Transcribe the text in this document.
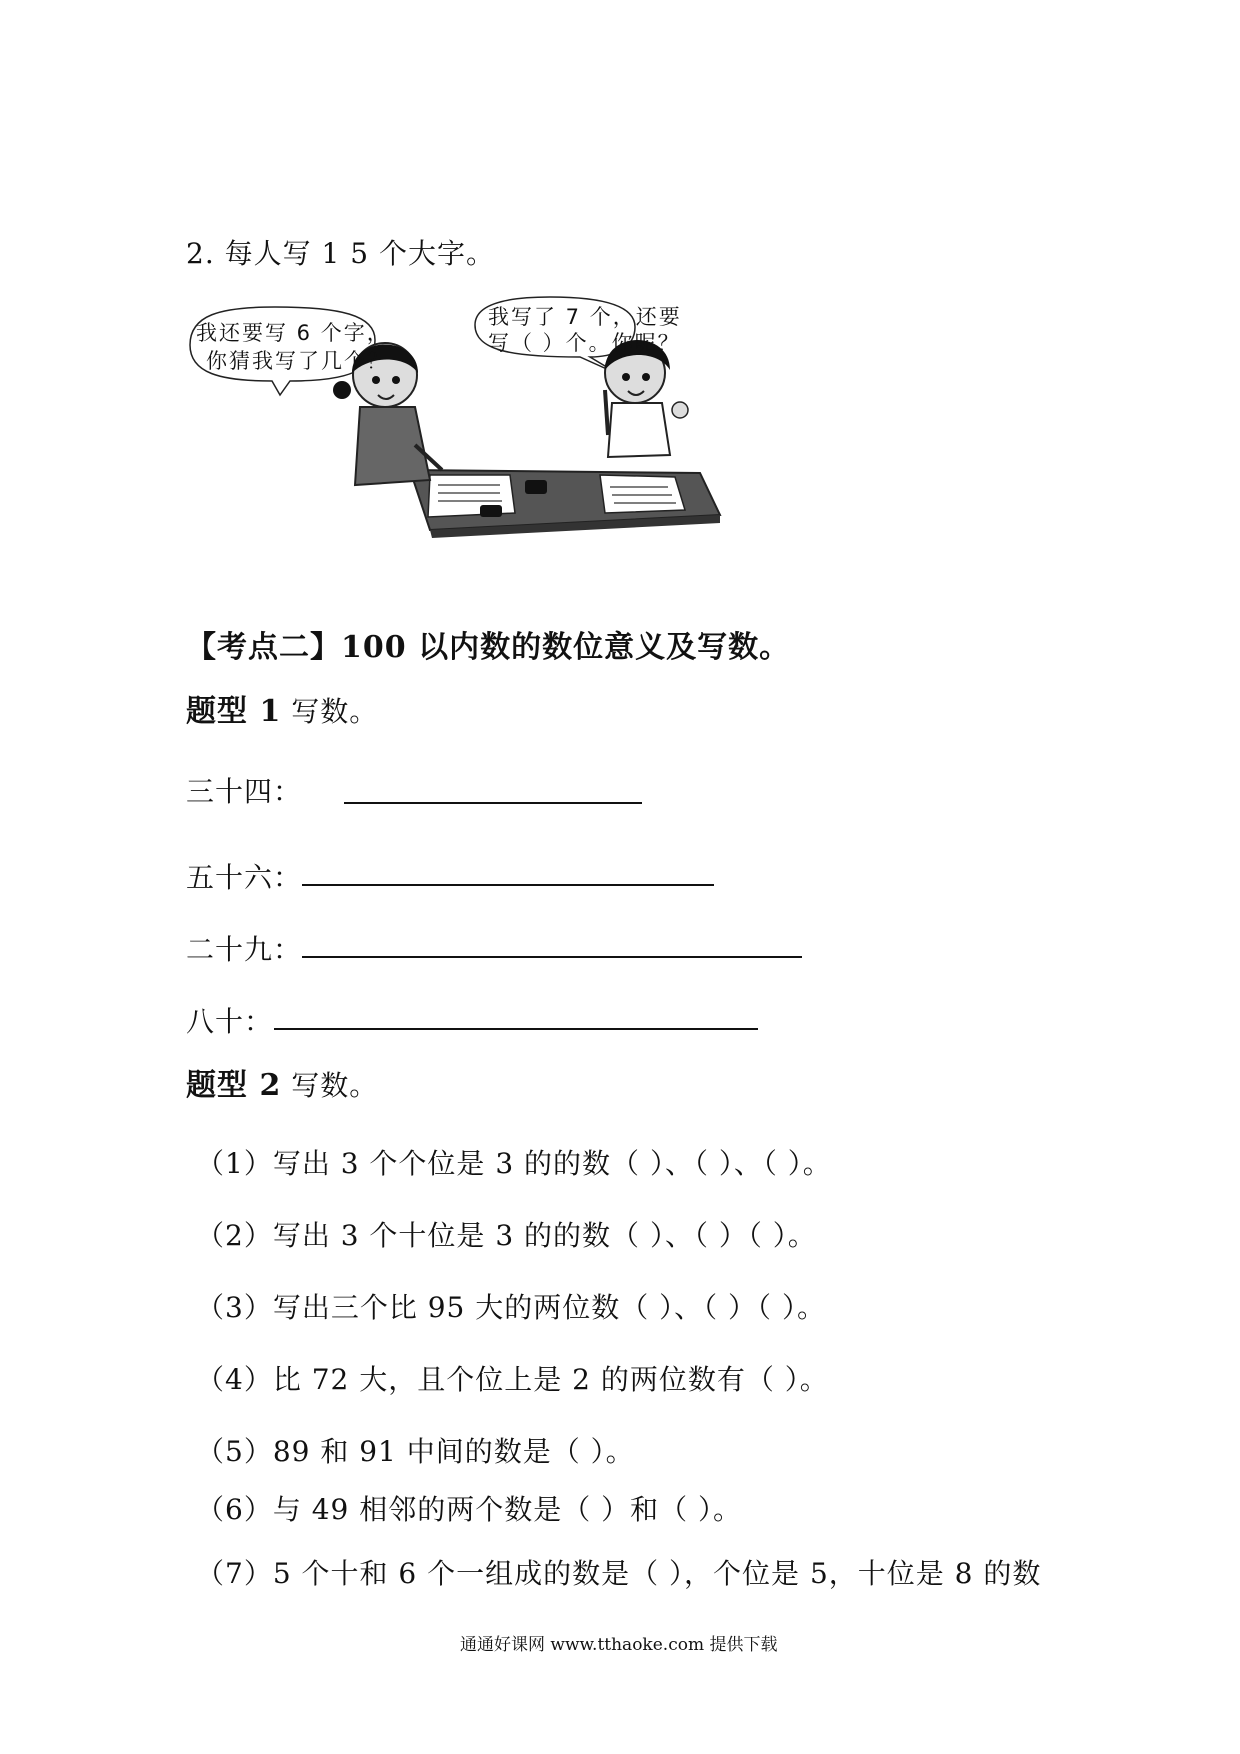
2. 每人写 1 5 个大字。
我还要写 6 个字，
你猜我写了几个？
我写了 7 个，还要
写（ ）个。你呢？
【考点二】100 以内数的数位意义及写数。
题型 1 写数。
三十四：
五十六：
二十九：
八十：
题型 2 写数。
（1）写出 3 个个位是 3 的的数（ ）、（ ）、（ ）。
（2）写出 3 个十位是 3 的的数（ ）、（ ）（ ）。
（3）写出三个比 95 大的两位数（ ）、（ ）（ ）。
（4）比 72 大，且个位上是 2 的两位数有（ ）。
（5）89 和 91 中间的数是（ ）。
（6）与 49 相邻的两个数是（ ）和（ ）。
（7）5 个十和 6 个一组成的数是（ ），个位是 5，十位是 8 的数
通通好课网 www.tthaoke.com 提供下载
